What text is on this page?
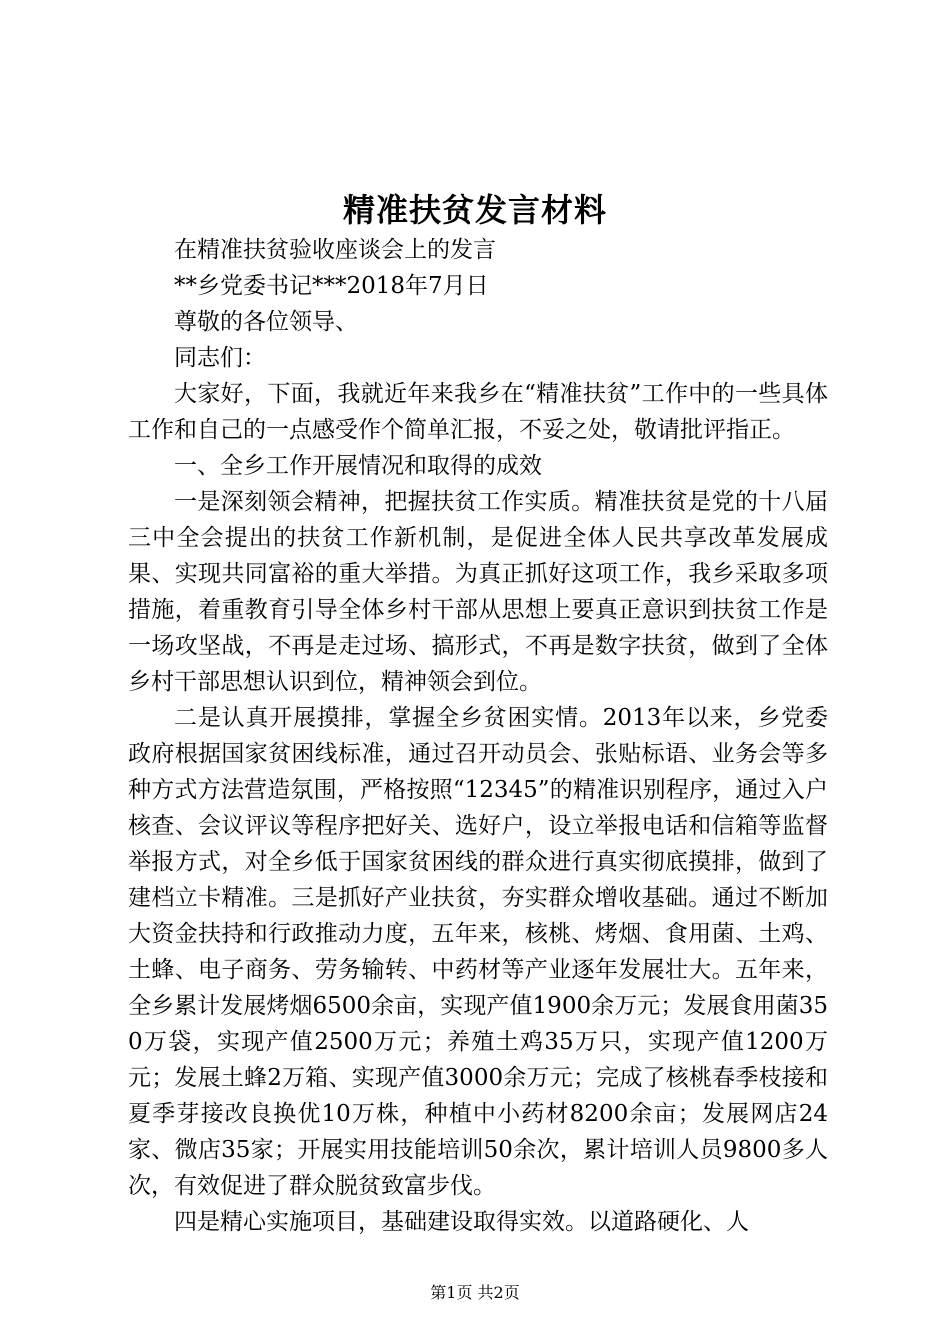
精准扶贫发言材料

在精准扶贫验收座谈会上的发言

**乡党委书记***2018年7月日

尊敬的各位领导、

同志们：

大家好，下面，我就近年来我乡在“精准扶贫”工作中的一些具体工作和自己的一点感受作个简单汇报，不妥之处，敬请批评指正。

一、全乡工作开展情况和取得的成效

一是深刻领会精神，把握扶贫工作实质。精准扶贫是党的十八届三中全会提出的扶贫工作新机制，是促进全体人民共享改革发展成果、实现共同富裕的重大举措。为真正抓好这项工作，我乡采取多项措施，着重教育引导全体乡村干部从思想上要真正意识到扶贫工作是一场攻坚战，不再是走过场、搞形式，不再是数字扶贫，做到了全体乡村干部思想认识到位，精神领会到位。

二是认真开展摸排，掌握全乡贫困实情。2013年以来，乡党委政府根据国家贫困线标准，通过召开动员会、张贴标语、业务会等多种方式方法营造氛围，严格按照“12345”的精准识别程序，通过入户核查、会议评议等程序把好关、选好户，设立举报电话和信箱等监督举报方式，对全乡低于国家贫困线的群众进行真实彻底摸排，做到了建档立卡精准。三是抓好产业扶贫，夯实群众增收基础。通过不断加大资金扶持和行政推动力度，五年来，核桃、烤烟、食用菌、土鸡、土蜂、电子商务、劳务输转、中药材等产业逐年发展壮大。五年来，全乡累计发展烤烟6500余亩，实现产值1900余万元；发展食用菌350万袋，实现产值2500万元；养殖土鸡35万只，实现产值1200万元；发展土蜂2万箱、实现产值3000余万元；完成了核桃春季枝接和夏季芽接改良换优10万株，种植中小药材8200余亩；发展网店24家、微店35家；开展实用技能培训50余次，累计培训人员9800多人次，有效促进了群众脱贫致富步伐。

四是精心实施项目，基础建设取得实效。以道路硬化、人

第1页 共2页
